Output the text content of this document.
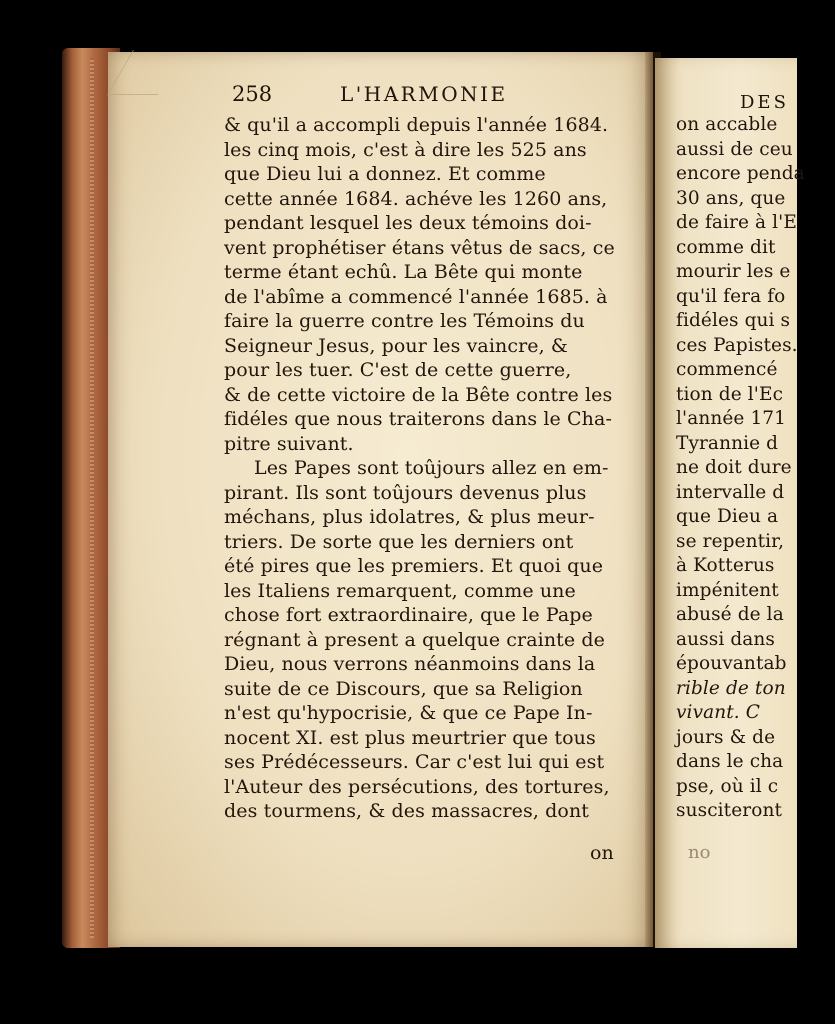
258	L'HARMONIE
& qu'il a accompli depuis l'année 1684.
les cinq mois, c'est à dire les 525 ans
que Dieu lui a donnez. Et comme
cette année 1684. achéve les 1260 ans,
pendant lesquel les deux témoins doi-
vent prophétiser étans vêtus de sacs, ce
terme étant echû. La Bête qui monte
de l'abîme a commencé l'année 1685. à
faire la guerre contre les Témoins du
Seigneur Jesus, pour les vaincre, &
pour les tuer. C'est de cette guerre,
& de cette victoire de la Bête contre les
fidéles que nous traiterons dans le Cha-
pitre suivant.
Les Papes sont toûjours allez en em-
pirant. Ils sont toûjours devenus plus
méchans, plus idolatres, & plus meur-
triers. De sorte que les derniers ont
été pires que les premiers. Et quoi que
les Italiens remarquent, comme une
chose fort extraordinaire, que le Pape
régnant à present a quelque crainte de
Dieu, nous verrons néanmoins dans la
suite de ce Discours, que sa Religion
n'est qu'hypocrisie, & que ce Pape In-
nocent XI. est plus meurtrier que tous
ses Prédécesseurs. Car c'est lui qui est
l'Auteur des persécutions, des tortures,
des tourmens, & des massacres, dont
on
DES
on accable
aussi de ceu
encore penda
30 ans, que
de faire à l'E
comme dit
mourir les e
qu'il fera fo
fidéles qui s
ces Papistes.
commencé
tion de l'Ec
l'année 171
Tyrannie d
ne doit dure
intervalle d
que Dieu a
se repentir,
à Kotterus
impénitent
abusé de la
aussi dans
épouvantab
rible de ton
vivant. C
jours & de
dans le cha
pse, où il c
susciteront
no
